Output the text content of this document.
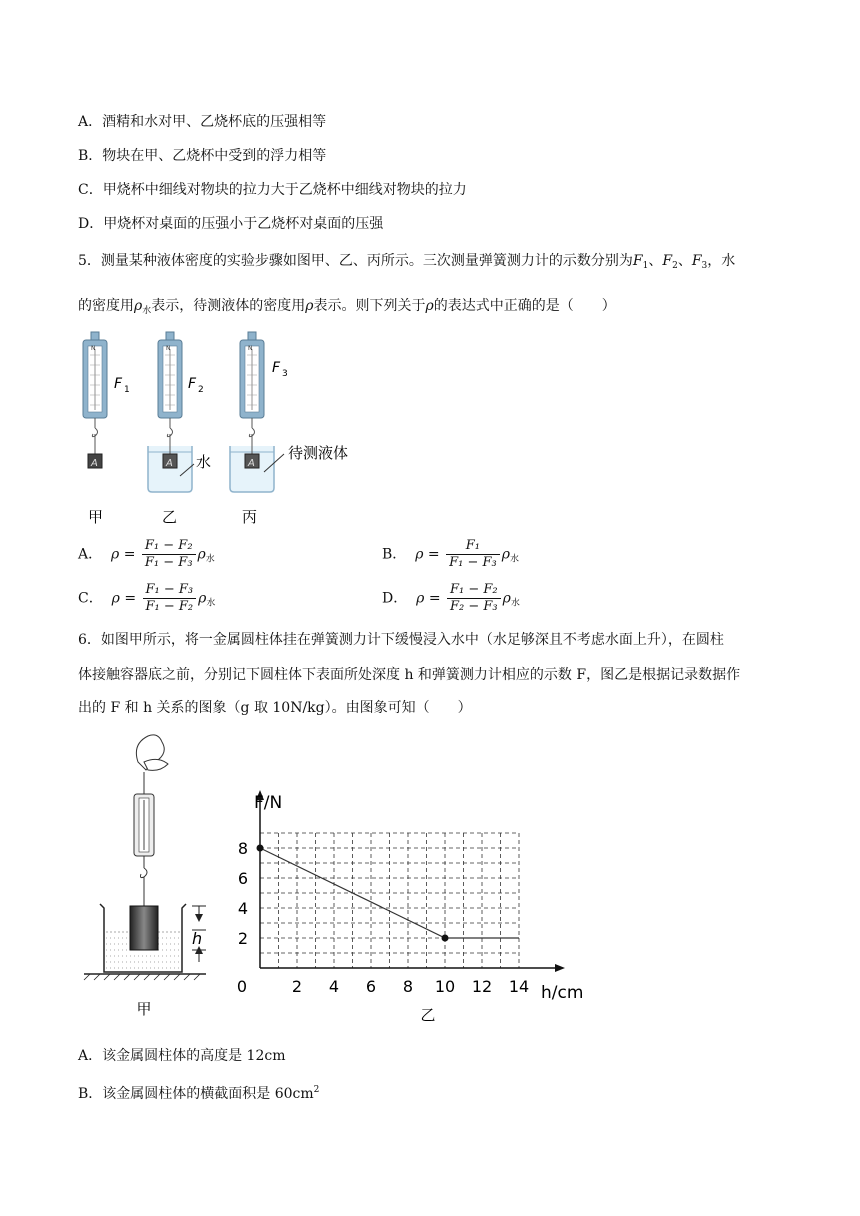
A．酒精和水对甲、乙烧杯底的压强相等
B．物块在甲、乙烧杯中受到的浮力相等
C．甲烧杯中细线对物块的拉力大于乙烧杯中细线对物块的拉力
D．甲烧杯对桌面的压强小于乙烧杯对桌面的压强
5．测量某种液体密度的实验步骤如图甲、乙、丙所示。三次测量弹簧测力计的示数分别为$F_1$、$F_2$、$F_3$，水
的密度用$\rho_水$表示，待测液体的密度用ρ表示。则下列关于ρ的表达式中正确的是（　　）
N
F 1
A
N
F 2
A 水
N
F 3
A
待测液体
甲	乙	丙
A． $\rho = \frac{\text{F₁ − F₂}}{\text{F₁ − F₃}} \rho_水$	B． $\rho = \frac{\text{F₁}}{\text{F₁ − F₃}} \rho_水$
C． $\rho = \frac{\text{F₁ − F₃}}{\text{F₁ − F₂}} \rho_水$	D． $\rho = \frac{\text{F₁ − F₂}}{\text{F₂ − F₃}} \rho_水$
6．如图甲所示，将一金属圆柱体挂在弹簧测力计下缓慢浸入水中（水足够深且不考虑水面上升），在圆柱
体接触容器底之前，分别记下圆柱体下表面所处深度 h 和弹簧测力计相应的示数 F，图乙是根据记录数据作
出的 F 和 h 关系的图象（g 取 10N/kg）。由图象可知（　　）
h
甲
0	2 4 6 8 10 12 14
2
4
6
8
F/N
h/cm
乙
A．该金属圆柱体的高度是 12cm
B．该金属圆柱体的横截面积是 $60cm^2$
